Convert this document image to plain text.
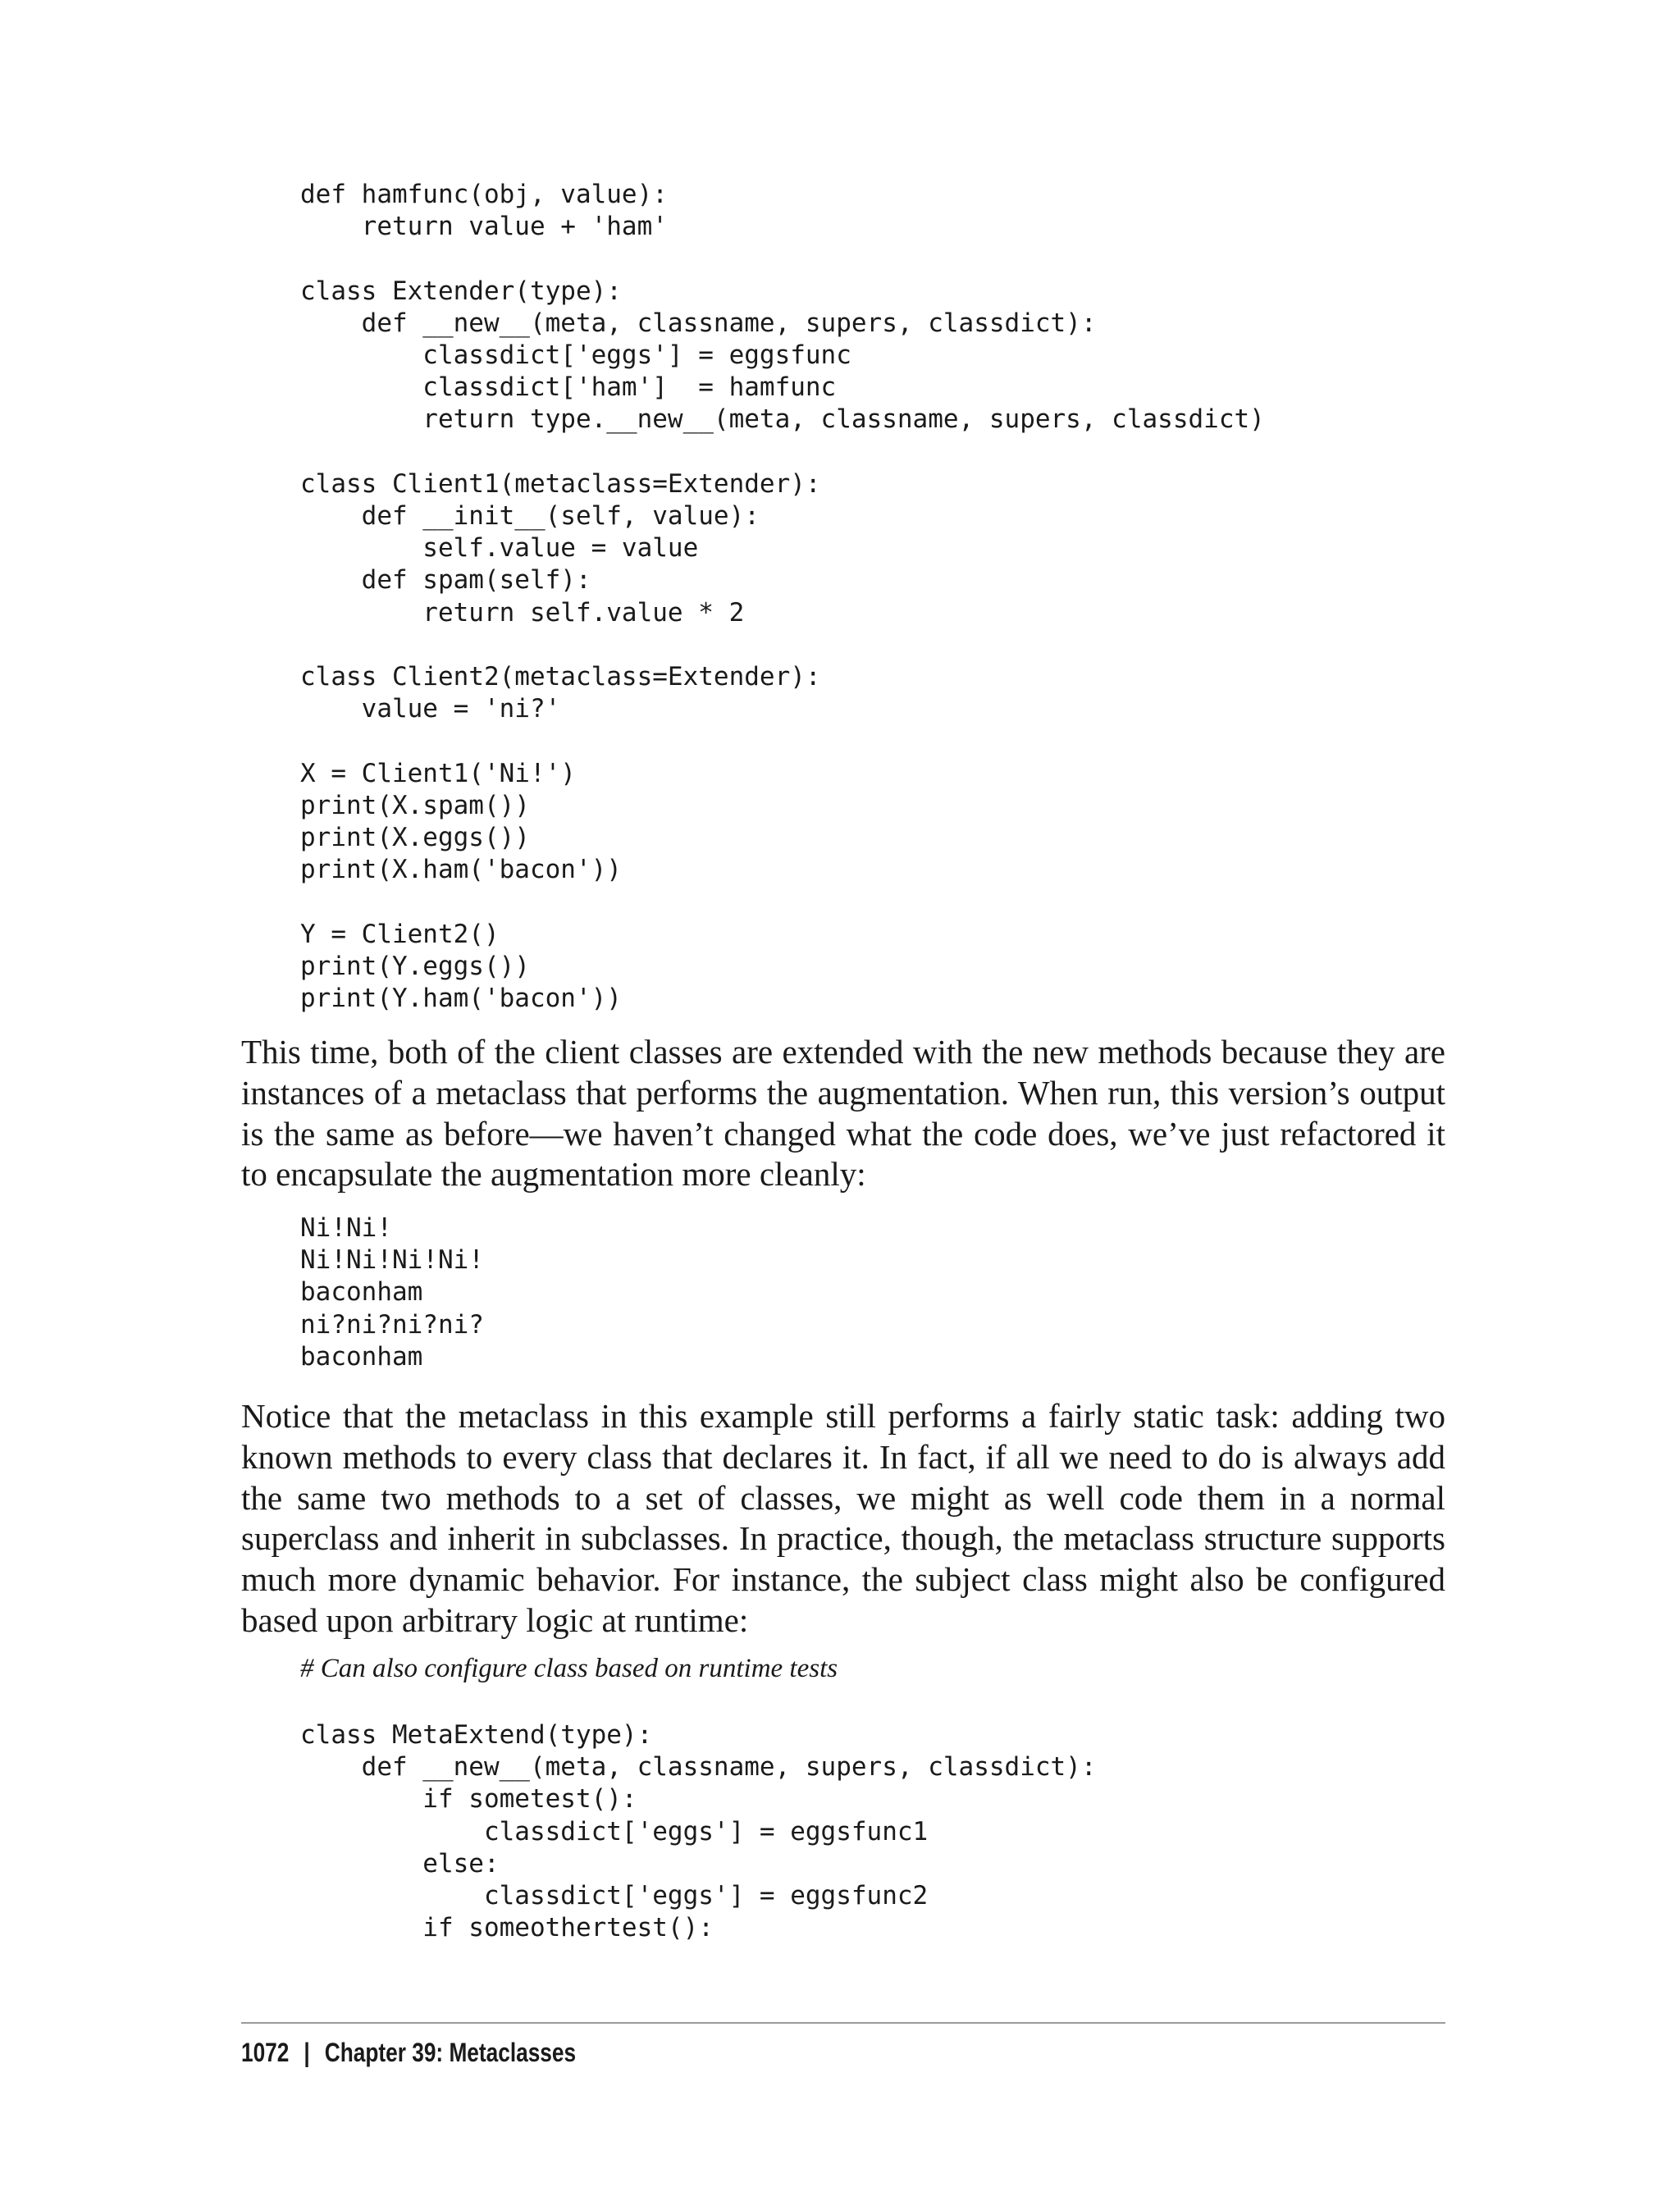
def hamfunc(obj, value):
return value + 'ham'

class Extender(type):
def __new__(meta, classname, supers, classdict):
classdict['eggs'] = eggsfunc
classdict['ham']  = hamfunc
return type.__new__(meta, classname, supers, classdict)

class Client1(metaclass=Extender):
def __init__(self, value):
self.value = value
def spam(self):
return self.value * 2

class Client2(metaclass=Extender):
value = 'ni?'

X = Client1('Ni!')
print(X.spam())
print(X.eggs())
print(X.ham('bacon'))

Y = Client2()
print(Y.eggs())
print(Y.ham('bacon'))

This time, both of the client classes are extended with the new methods because they are instances of a metaclass that performs the augmentation. When run, this version’s output is the same as before—we haven’t changed what the code does, we’ve just refactored it to encapsulate the augmentation more cleanly:

Ni!Ni!
Ni!Ni!Ni!Ni!
baconham
ni?ni?ni?ni?
baconham

Notice that the metaclass in this example still performs a fairly static task: adding two known methods to every class that declares it. In fact, if all we need to do is always add the same two methods to a set of classes, we might as well code them in a normal superclass and inherit in subclasses. In practice, though, the metaclass structure supports much more dynamic behavior. For instance, the subject class might also be configured based upon arbitrary logic at runtime:

# Can also configure class based on runtime tests
class MetaExtend(type):
def __new__(meta, classname, supers, classdict):
if sometest():
classdict['eggs'] = eggsfunc1
else:
classdict['eggs'] = eggsfunc2
if someothertest():
1072 | Chapter 39: Metaclasses
